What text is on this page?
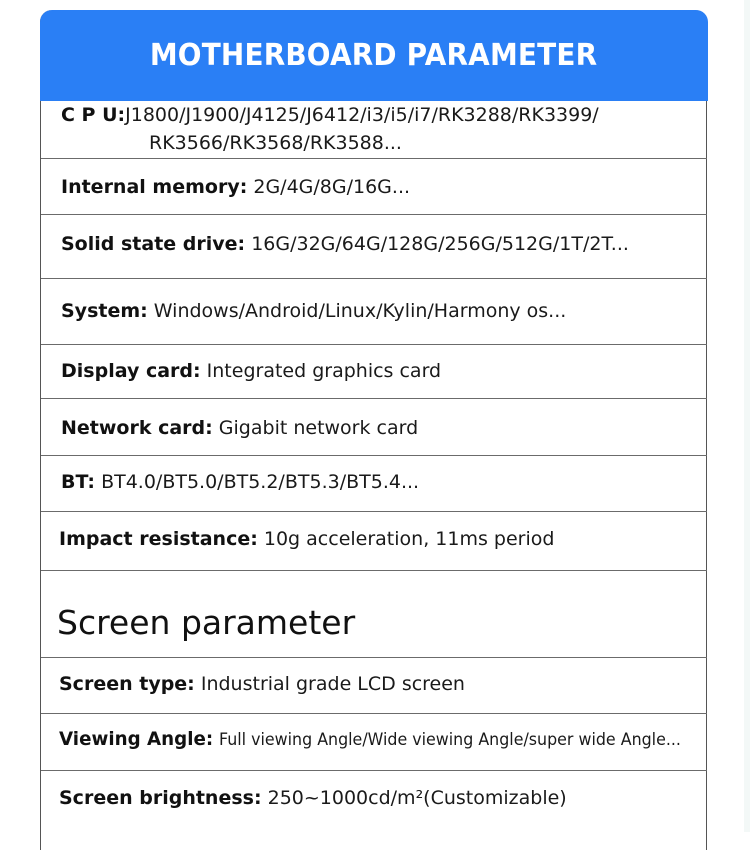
MOTHERBOARD PARAMETER
C P U:J1800/J1900/J4125/J6412/i3/i5/i7/RK3288/RK3399/
RK3566/RK3568/RK3588...
Internal memory: 2G/4G/8G/16G...
Solid state drive: 16G/32G/64G/128G/256G/512G/1T/2T...
System: Windows/Android/Linux/Kylin/Harmony os...
Display card: Integrated graphics card
Network card: Gigabit network card
BT: BT4.0/BT5.0/BT5.2/BT5.3/BT5.4...
Impact resistance: 10g acceleration, 11ms period
Screen parameter
Screen type: Industrial grade LCD screen
Viewing Angle: Full viewing Angle/Wide viewing Angle/super wide Angle...
Screen brightness: 250~1000cd/m²(Customizable)
